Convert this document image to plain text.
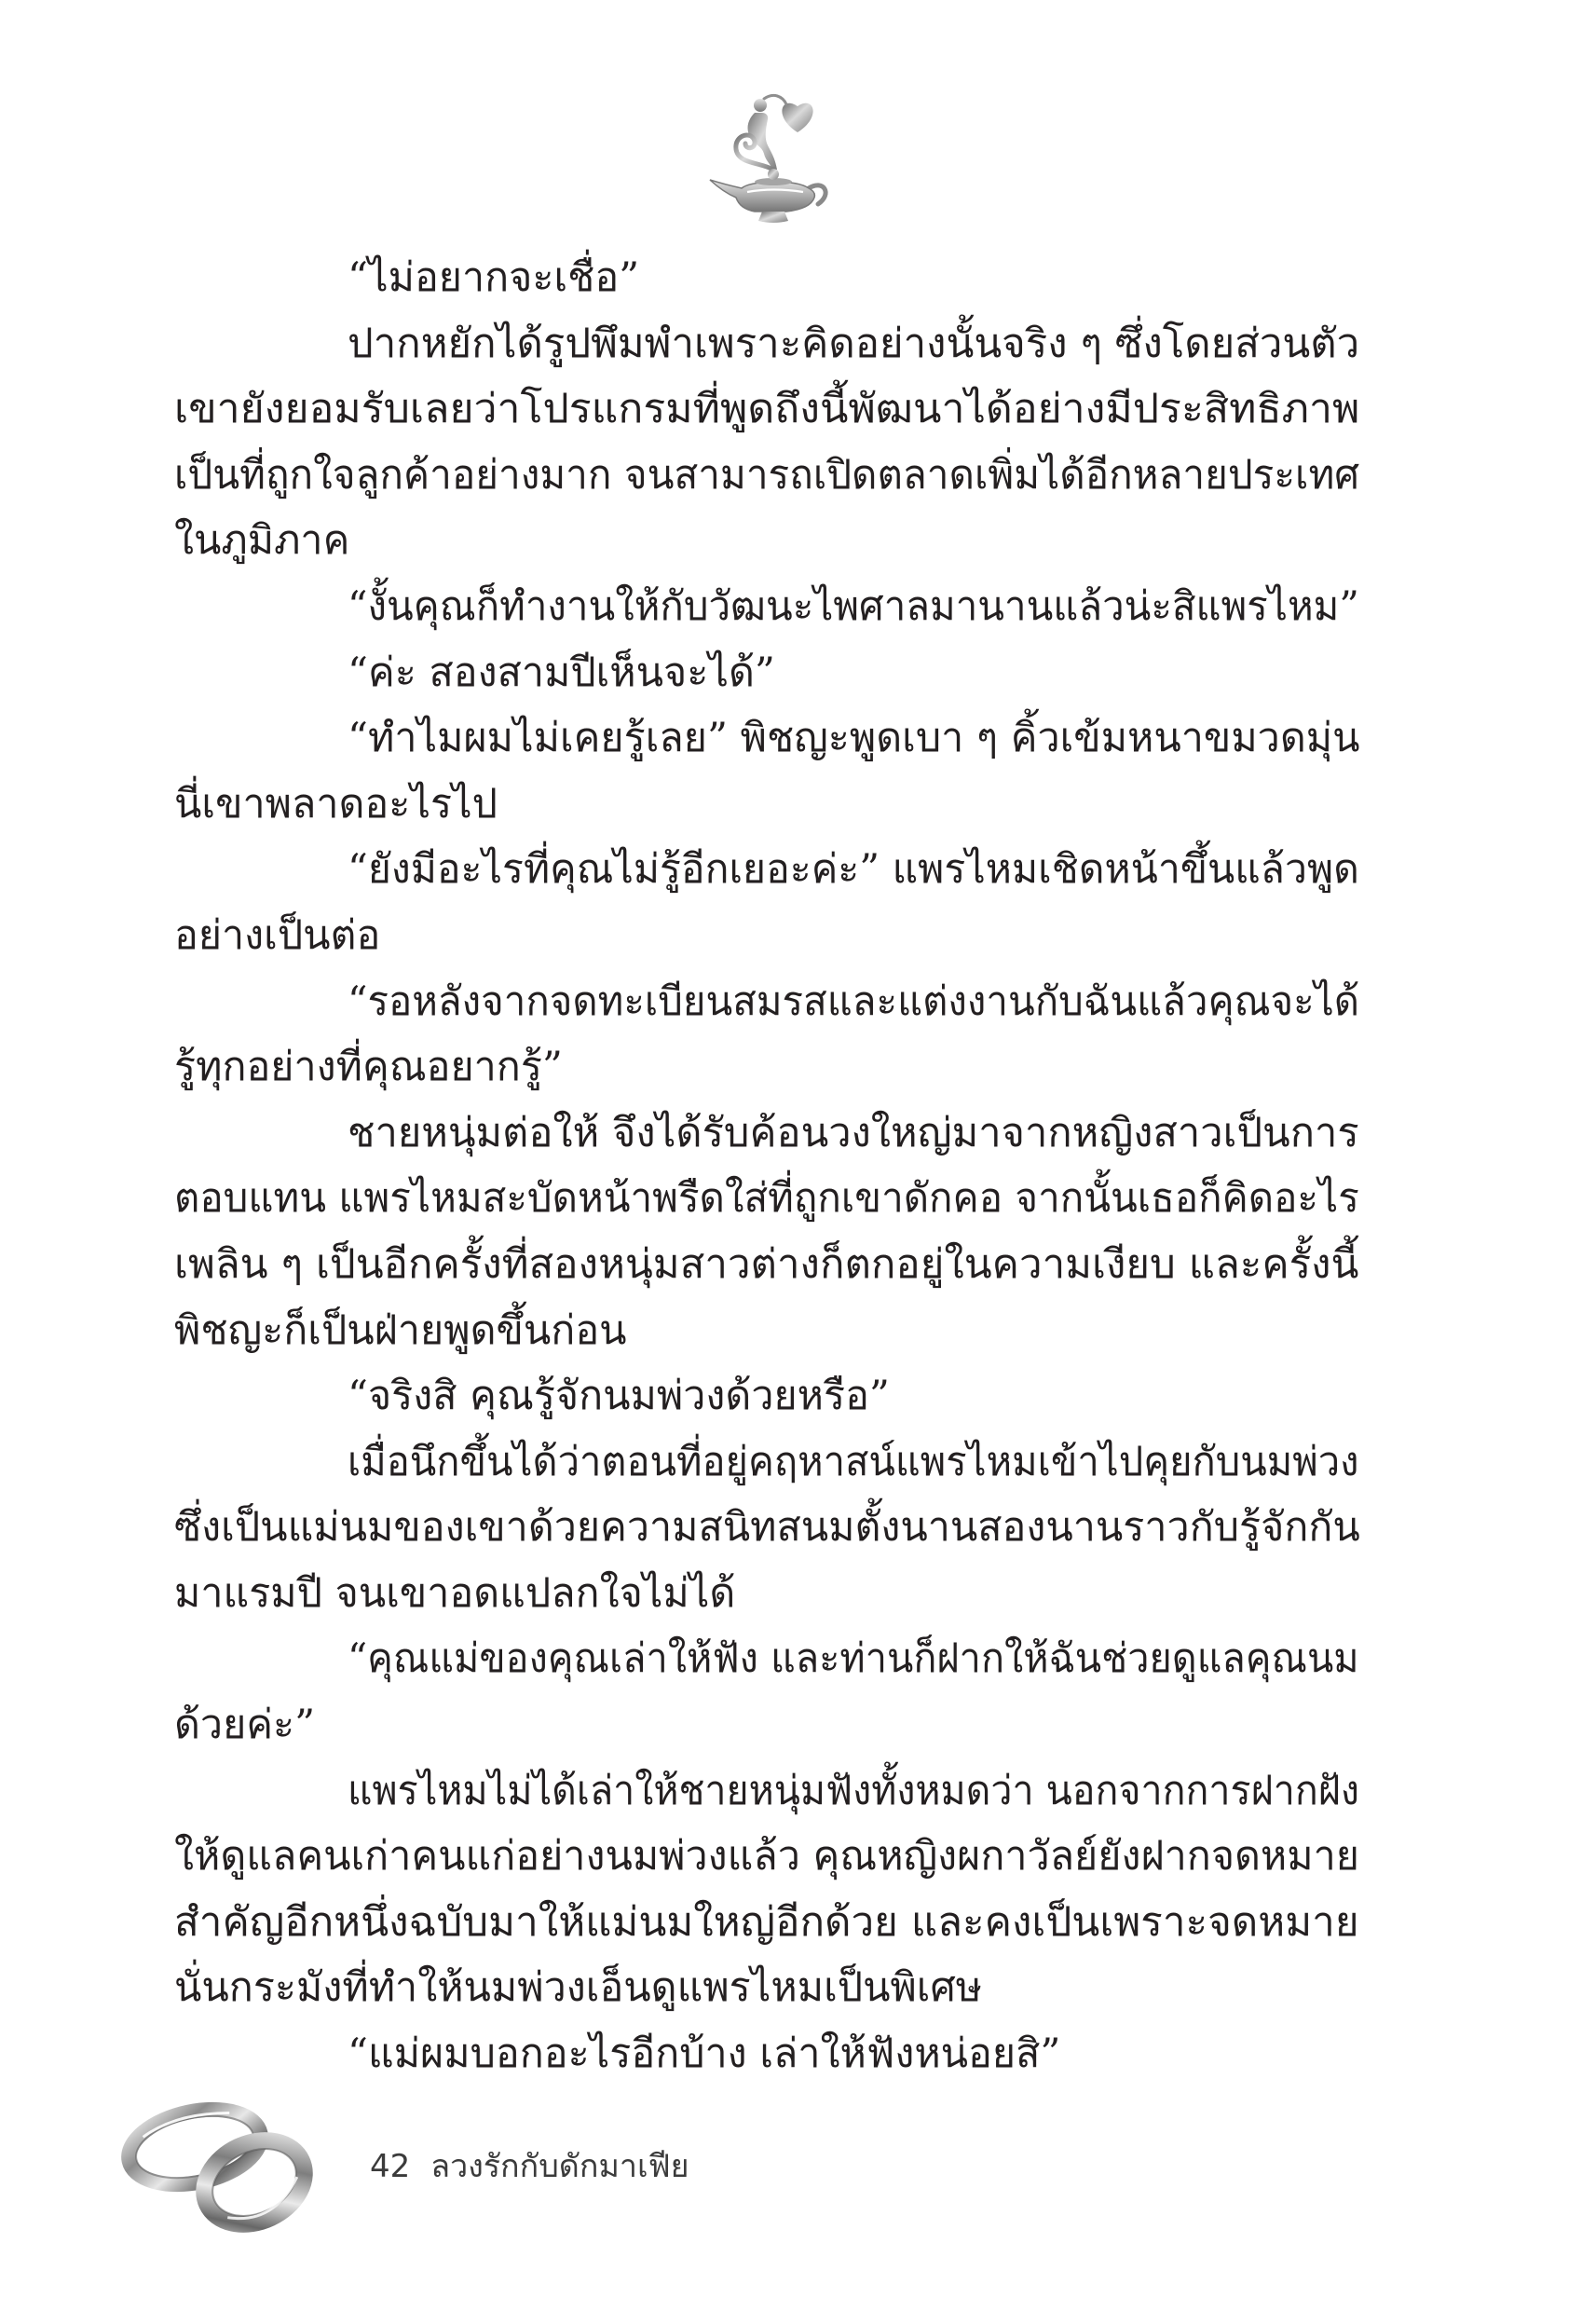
“ไม่อยากจะเชื่อ”
ปากหยักได้รูปพึมพำเพราะคิดอย่างนั้นจริง ๆ ซึ่งโดยส่วนตัว
เขายังยอมรับเลยว่าโปรแกรมที่พูดถึงนี้พัฒนาได้อย่างมีประสิทธิภาพ
เป็นที่ถูกใจลูกค้าอย่างมาก จนสามารถเปิดตลาดเพิ่มได้อีกหลายประเทศ
ในภูมิภาค
“งั้นคุณก็ทำงานให้กับวัฒนะไพศาลมานานแล้วน่ะสิแพรไหม”
“ค่ะ สองสามปีเห็นจะได้”
“ทำไมผมไม่เคยรู้เลย” พิชญะพูดเบา ๆ คิ้วเข้มหนาขมวดมุ่น
นี่เขาพลาดอะไรไป
“ยังมีอะไรที่คุณไม่รู้อีกเยอะค่ะ” แพรไหมเชิดหน้าขึ้นแล้วพูด
อย่างเป็นต่อ
“รอหลังจากจดทะเบียนสมรสและแต่งงานกับฉันแล้วคุณจะได้
รู้ทุกอย่างที่คุณอยากรู้”
ชายหนุ่มต่อให้ จึงได้รับค้อนวงใหญ่มาจากหญิงสาวเป็นการ
ตอบแทน แพรไหมสะบัดหน้าพรืดใส่ที่ถูกเขาดักคอ จากนั้นเธอก็คิดอะไร
เพลิน ๆ เป็นอีกครั้งที่สองหนุ่มสาวต่างก็ตกอยู่ในความเงียบ และครั้งนี้
พิชญะก็เป็นฝ่ายพูดขึ้นก่อน
“จริงสิ คุณรู้จักนมพ่วงด้วยหรือ”
เมื่อนึกขึ้นได้ว่าตอนที่อยู่คฤหาสน์แพรไหมเข้าไปคุยกับนมพ่วง
ซึ่งเป็นแม่นมของเขาด้วยความสนิทสนมตั้งนานสองนานราวกับรู้จักกัน
มาแรมปี จนเขาอดแปลกใจไม่ได้
“คุณแม่ของคุณเล่าให้ฟัง และท่านก็ฝากให้ฉันช่วยดูแลคุณนม
ด้วยค่ะ”
แพรไหมไม่ได้เล่าให้ชายหนุ่มฟังทั้งหมดว่า นอกจากการฝากฝัง
ให้ดูแลคนเก่าคนแก่อย่างนมพ่วงแล้ว คุณหญิงผกาวัลย์ยังฝากจดหมาย
สำคัญอีกหนึ่งฉบับมาให้แม่นมใหญ่อีกด้วย และคงเป็นเพราะจดหมาย
นั่นกระมังที่ทำให้นมพ่วงเอ็นดูแพรไหมเป็นพิเศษ
“แม่ผมบอกอะไรอีกบ้าง เล่าให้ฟังหน่อยสิ”
42 ลวงรักกับดักมาเฟีย
